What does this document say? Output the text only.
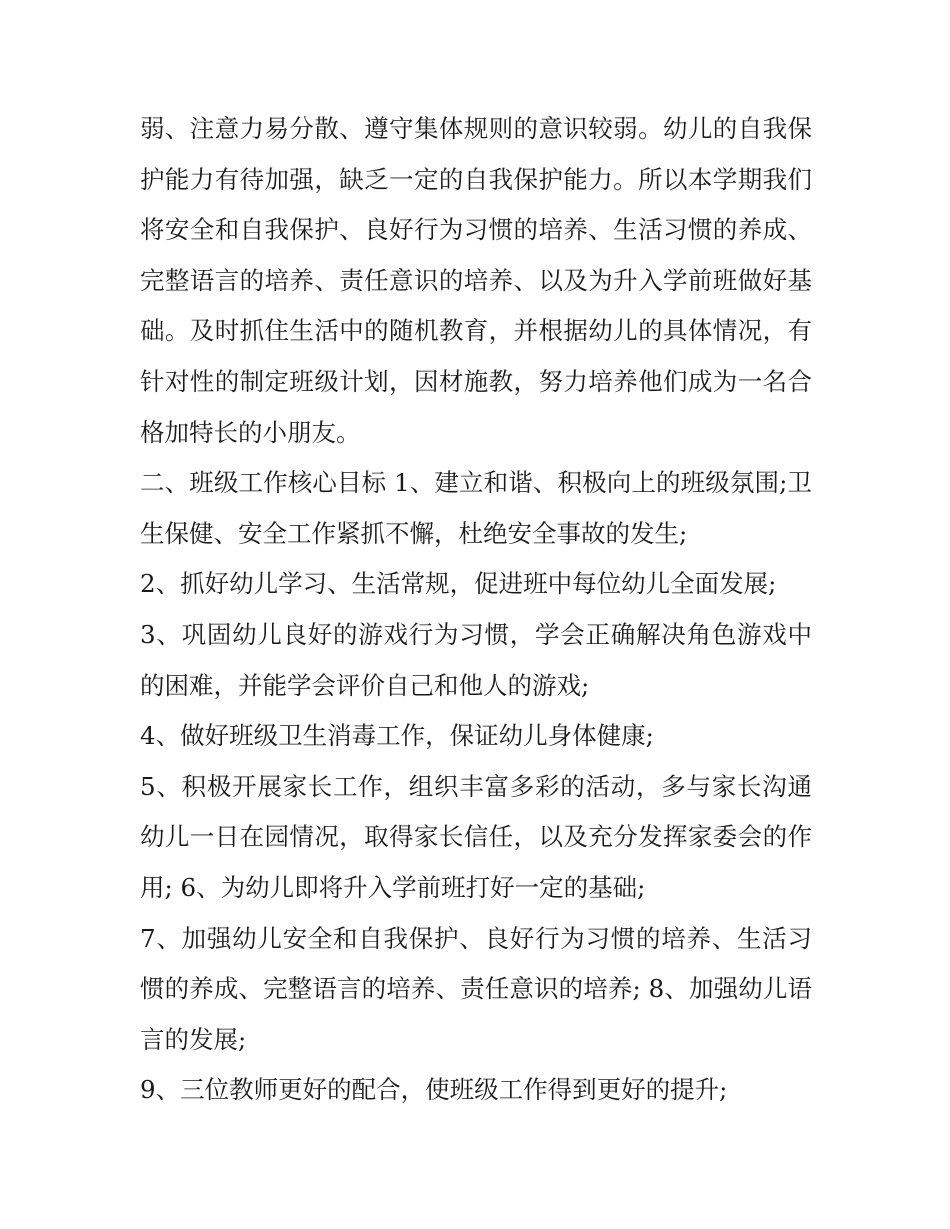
弱、注意力易分散、遵守集体规则的意识较弱。幼儿的自我保
护能力有待加强，缺乏一定的自我保护能力。所以本学期我们
将安全和自我保护、良好行为习惯的培养、生活习惯的养成、
完整语言的培养、责任意识的培养、以及为升入学前班做好基
础。及时抓住生活中的随机教育，并根据幼儿的具体情况，有
针对性的制定班级计划，因材施教，努力培养他们成为一名合
格加特长的小朋友。
二、班级工作核心目标 1、建立和谐、积极向上的班级氛围;卫
生保健、安全工作紧抓不懈，杜绝安全事故的发生;
2、抓好幼儿学习、生活常规，促进班中每位幼儿全面发展;
3、巩固幼儿良好的游戏行为习惯，学会正确解决角色游戏中
的困难，并能学会评价自己和他人的游戏;
4、做好班级卫生消毒工作，保证幼儿身体健康;
5、积极开展家长工作，组织丰富多彩的活动，多与家长沟通
幼儿一日在园情况，取得家长信任，以及充分发挥家委会的作
用; 6、为幼儿即将升入学前班打好一定的基础;
7、加强幼儿安全和自我保护、良好行为习惯的培养、生活习
惯的养成、完整语言的培养、责任意识的培养; 8、加强幼儿语
言的发展;
9、三位教师更好的配合，使班级工作得到更好的提升;
